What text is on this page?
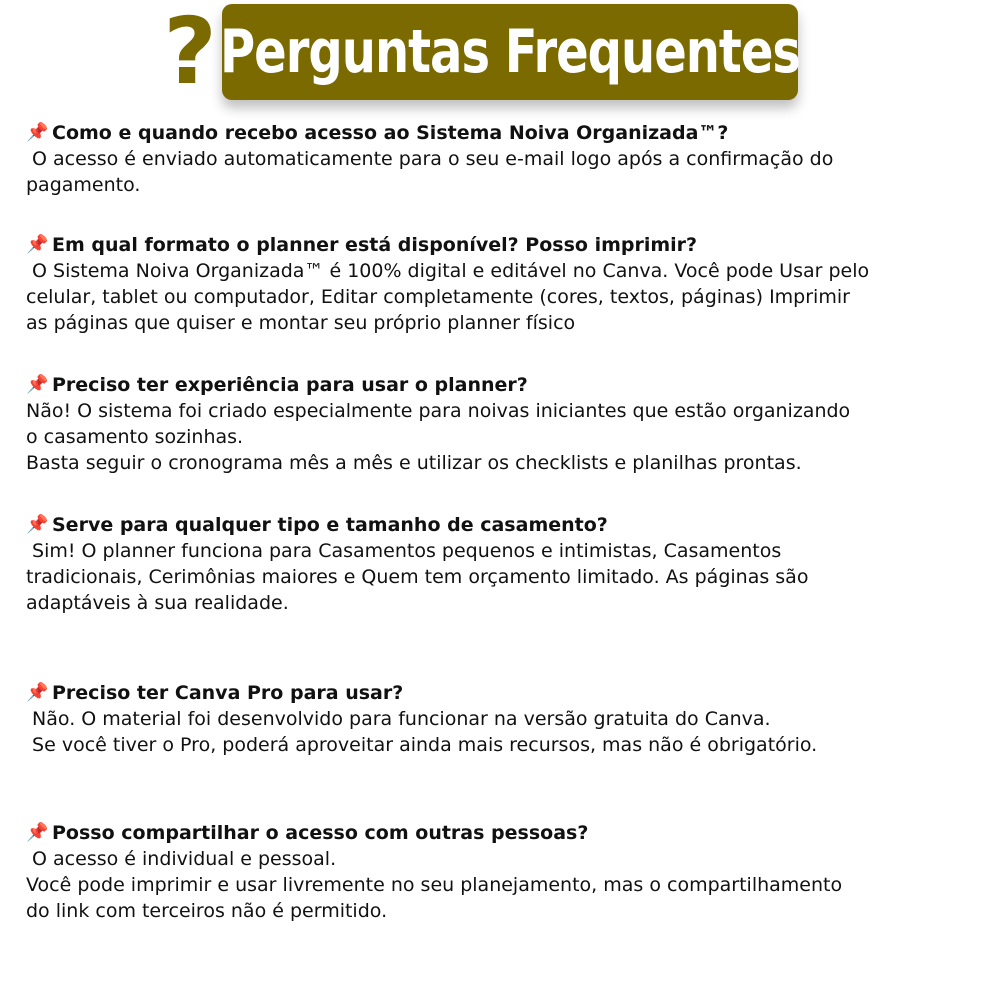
? Perguntas Frequentes
📌 Como e quando recebo acesso ao Sistema Noiva Organizada™?
O acesso é enviado automaticamente para o seu e-mail logo após a confirmação do
pagamento.
📌 Em qual formato o planner está disponível? Posso imprimir?
O Sistema Noiva Organizada™ é 100% digital e editável no Canva. Você pode Usar pelo
celular, tablet ou computador, Editar completamente (cores, textos, páginas) Imprimir
as páginas que quiser e montar seu próprio planner físico
📌 Preciso ter experiência para usar o planner?
Não! O sistema foi criado especialmente para noivas iniciantes que estão organizando
o casamento sozinhas.
Basta seguir o cronograma mês a mês e utilizar os checklists e planilhas prontas.
📌 Serve para qualquer tipo e tamanho de casamento?
Sim! O planner funciona para Casamentos pequenos e intimistas, Casamentos
tradicionais, Cerimônias maiores e Quem tem orçamento limitado. As páginas são
adaptáveis à sua realidade.
📌 Preciso ter Canva Pro para usar?
Não. O material foi desenvolvido para funcionar na versão gratuita do Canva.
Se você tiver o Pro, poderá aproveitar ainda mais recursos, mas não é obrigatório.
📌 Posso compartilhar o acesso com outras pessoas?
O acesso é individual e pessoal.
Você pode imprimir e usar livremente no seu planejamento, mas o compartilhamento
do link com terceiros não é permitido.
